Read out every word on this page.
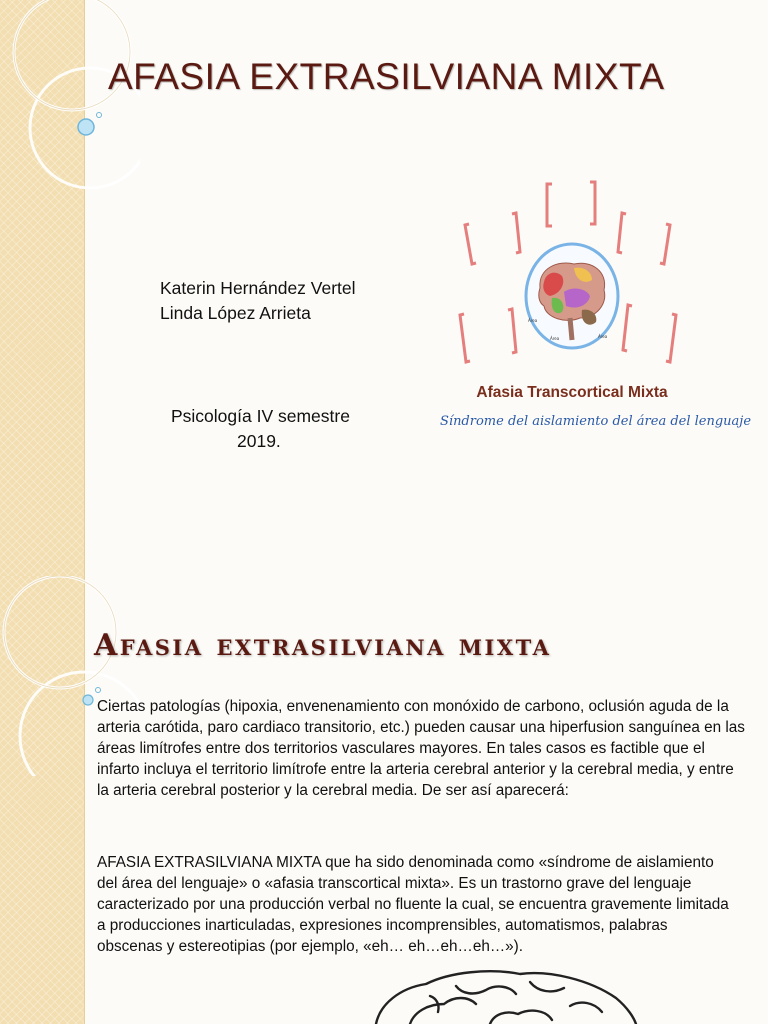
AFASIA EXTRASILVIANA MIXTA
Katerin Hernández Vertel
Linda López Arrieta
Psicología IV semestre
2019.
Área	Área
Área
Afasia Transcortical Mixta
Síndrome del aislamiento del área del lenguaje
Afasia extrasilviana mixta

Ciertas patologías (hipoxia, envenenamiento con monóxido de carbono, oclusión aguda de la arteria carótida, paro cardiaco transitorio, etc.) pueden causar una hiperfusion sanguínea en las áreas limítrofes entre dos territorios vasculares mayores. En tales casos es factible que el infarto incluya el territorio limítrofe entre la arteria cerebral anterior y la cerebral media, y entre la arteria cerebral posterior y la cerebral media. De ser así aparecerá:

AFASIA EXTRASILVIANA MIXTA que ha sido denominada como «síndrome de aislamiento del área del lenguaje» o «afasia transcortical mixta». Es un trastorno grave del lenguaje caracterizado por una producción verbal no fluente la cual, se encuentra gravemente limitada a producciones inarticuladas, expresiones incomprensibles, automatismos, palabras obscenas y estereotipias (por ejemplo, «eh… eh…eh…eh…»).
